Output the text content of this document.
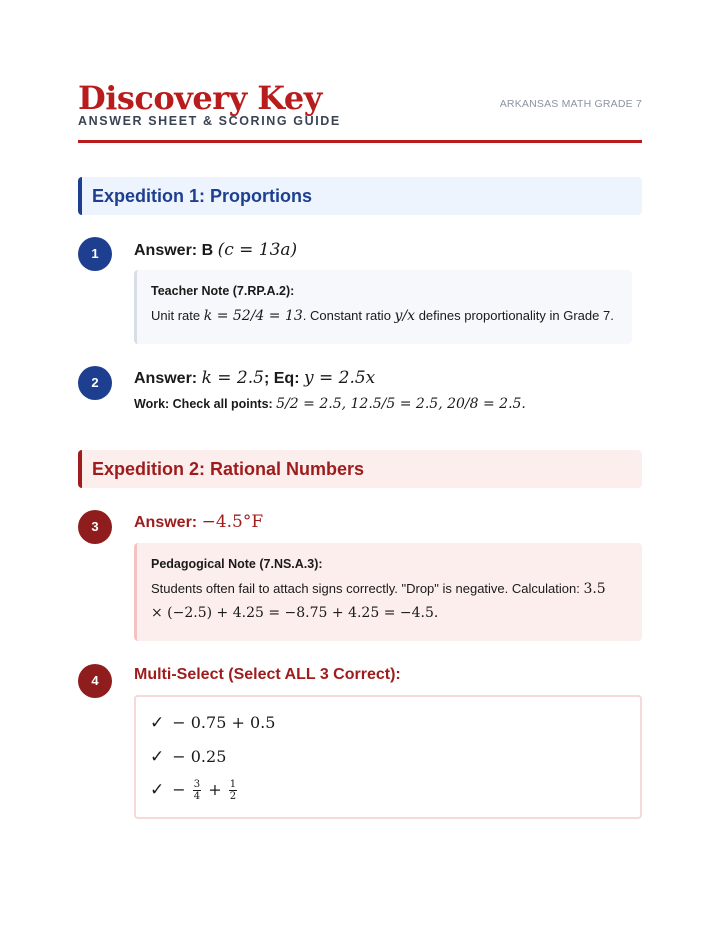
Discovery Key
ANSWER SHEET & SCORING GUIDE
ARKANSAS MATH GRADE 7
Expedition 1: Proportions
1	Answer: B (c = 13a)
Teacher Note (7.RP.A.2):
Unit rate k = 52/4 = 13. Constant ratio y/x defines proportionality in Grade 7.
2	Answer: k = 2.5; Eq: y = 2.5x
Work: Check all points: 5/2 = 2.5, 12.5/5 = 2.5, 20/8 = 2.5.
Expedition 2: Rational Numbers
3	Answer: −4.5°F
Pedagogical Note (7.NS.A.3):
Students often fail to attach signs correctly. "Drop" is negative. Calculation: 3.5
× (−2.5) + 4.25 = −8.75 + 4.25 = −4.5.
4	Multi-Select (Select ALL 3 Correct):
✓ − 0.75 + 0.5
✓ − 0.25
✓ − $\frac{3}{4} + \frac{1}{2}$
